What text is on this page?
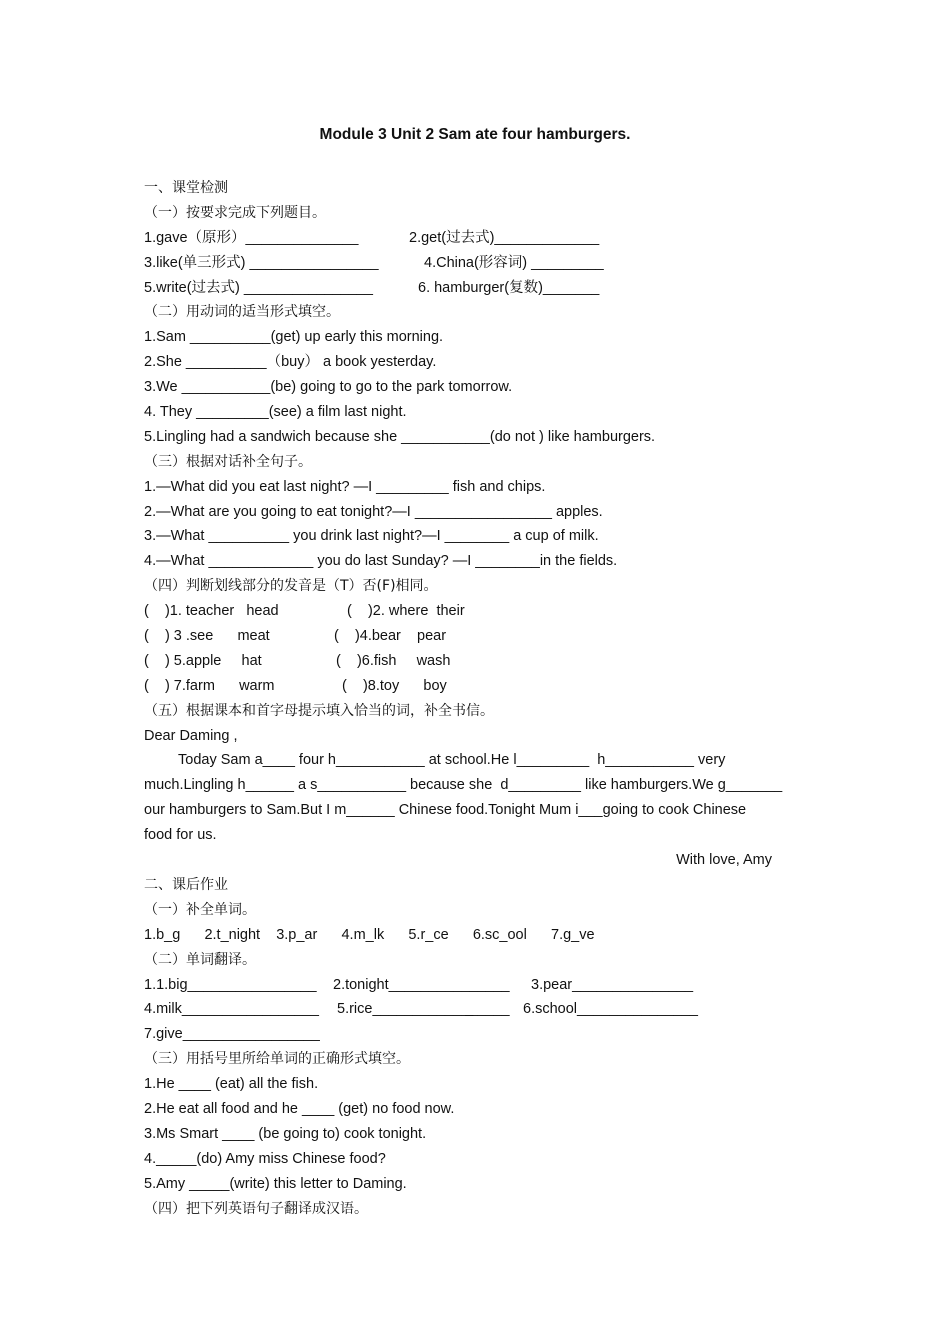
Module 3 Unit 2 Sam ate four hamburgers.
一、课堂检测
（一）按要求完成下列题目。
1.gave（原形）______________	2.get(过去式)_____________
3.like(单三形式) ________________	4.China(形容词) _________
5.write(过去式) ________________	6. hamburger(复数)_______
（二）用动词的适当形式填空。
1.Sam __________(get) up early this morning.
2.She __________（buy） a book yesterday.
3.We ___________(be) going to go to the park tomorrow.
4. They _________(see) a film last night.
5.Lingling had a sandwich because she ___________(do not ) like hamburgers.
（三）根据对话补全句子。
1.—What did you eat last night? —I _________ fish and chips.
2.—What are you going to eat tonight?—I _________________ apples.
3.—What __________ you drink last night?—I ________ a cup of milk.
4.—What _____________ you do last Sunday? —I ________in the fields.
（四）判断划线部分的发音是（T）否(F)相同。
(    )1. teacher   head	(    )2. where  their
(    ) 3 .see      meat	(    )4.bear    pear
(    ) 5.apple     hat	(    )6.fish     wash
(    ) 7.farm      warm	(    )8.toy      boy
（五）根据课本和首字母提示填入恰当的词，补全书信。
Dear Daming ,
Today Sam a____ four h___________ at school.He l_________  h___________ very
much.Lingling h______ a s___________ because she  d_________ like hamburgers.We g_______
our hamburgers to Sam.But I m______ Chinese food.Tonight Mum i___going to cook Chinese
food for us.
With love, Amy
二、课后作业
（一）补全单词。
1.b_g      2.t_night    3.p_ar      4.m_lk      5.r_ce      6.sc_ool      7.g_ve
（二）单词翻译。
1.1.big________________ 2.tonight_______________ 3.pear_______________
4.milk_________________ 5.rice____________̲_____ 6.school_______________
7.give_________________
（三）用括号里所给单词的正确形式填空。
1.He ____ (eat) all the fish.
2.He eat all food and he ____ (get) no food now.
3.Ms Smart ____ (be going to) cook tonight.
4._____(do) Amy miss Chinese food?
5.Amy _____(write) this letter to Daming.
（四）把下列英语句子翻译成汉语。
